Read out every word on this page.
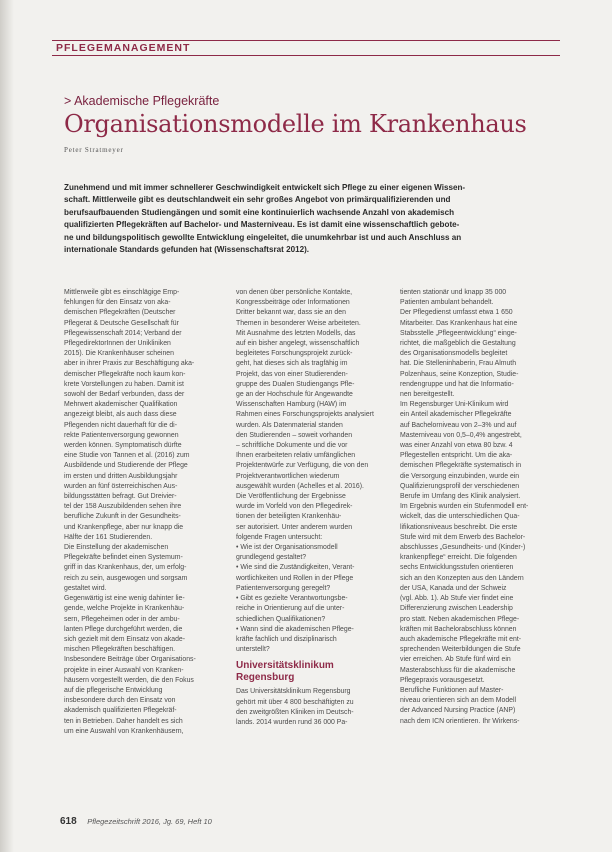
PFLEGEMANAGEMENT
> Akademische Pflegekräfte
Organisationsmodelle im Krankenhaus
Peter Stratmeyer

Zunehmend und mit immer schnellerer Geschwindigkeit entwickelt sich Pflege zu einer eigenen Wissen-

schaft. Mittlerweile gibt es deutschlandweit ein sehr großes Angebot von primärqualifizierenden und

berufsaufbauenden Studiengängen und somit eine kontinuierlich wachsende Anzahl von akademisch

qualifizierten Pflegekräften auf Bachelor- und Masterniveau. Es ist damit eine wissenschaftlich gebote-

ne und bildungspolitisch gewollte Entwicklung eingeleitet, die unumkehrbar ist und auch Anschluss an

internationale Standards gefunden hat (Wissenschaftsrat 2012).

Mittlerweile gibt es einschlägige Emp-

fehlungen für den Einsatz von aka-

demischen Pflegekräften (Deutscher

Pflegerat & Deutsche Gesellschaft für

Pflegewissenschaft 2014; Verband der

PflegedirektorInnen der Unikliniken

2015). Die Krankenhäuser scheinen

aber in ihrer Praxis zur Beschäftigung aka-

demischer Pflegekräfte noch kaum kon-

krete Vorstellungen zu haben. Damit ist

sowohl der Bedarf verbunden, dass der

Mehrwert akademischer Qualifikation

angezeigt bleibt, als auch dass diese

Pflegenden nicht dauerhaft für die di-

rekte Patientenversorgung gewonnen

werden können. Symptomatisch dürfte

eine Studie von Tannen et al. (2016) zum

Ausbildende und Studierende der Pflege

im ersten und dritten Ausbildungsjahr

wurden an fünf österreichischen Aus-

bildungsstätten befragt. Gut Dreivier-

tel der 158 Auszubildenden sehen ihre

berufliche Zukunft in der Gesundheits-

und Krankenpflege, aber nur knapp die

Hälfte der 161 Studierenden.

Die Einstellung der akademischen

Pflegekräfte befindet einen Systemum-

griff in das Krankenhaus, der, um erfolg-

reich zu sein, ausgewogen und sorgsam

gestaltet wird.

Gegenwärtig ist eine wenig dahinter lie-

gende, welche Projekte in Krankenhäu-

sern, Pflegeheimen oder in der ambu-

lanten Pflege durchgeführt werden, die

sich gezielt mit dem Einsatz von akade-

mischen Pflegekräften beschäftigen.

Insbesondere Beiträge über Organisations-

projekte in einer Auswahl von Kranken-

häusern vorgestellt werden, die den Fokus

auf die pflegerische Entwicklung

insbesondere durch den Einsatz von

akademisch qualifizierten Pflegekräf-

ten in Betrieben. Daher handelt es sich

um eine Auswahl von Krankenhäusern,

von denen über persönliche Kontakte,

Kongressbeiträge oder Informationen

Dritter bekannt war, dass sie an den

Themen in besonderer Weise arbeiteten.

Mit Ausnahme des letzten Modells, das

auf ein bisher angelegt, wissenschaftlich

begleitetes Forschungsprojekt zurück-

geht, hat dieses sich als tragfähig im

Projekt, das von einer Studierenden-

gruppe des Dualen Studiengangs Pfle-

ge an der Hochschule für Angewandte

Wissenschaften Hamburg (HAW) im

Rahmen eines Forschungsprojekts analysiert

wurden. Als Datenmaterial standen

den Studierenden – soweit vorhanden

– schriftliche Dokumente und die vor

Ihnen erarbeiteten relativ umfänglichen

Projektentwürfe zur Verfügung, die von den

Projektverantwortlichen wiederum

ausgewählt wurden (Achelles et al. 2016).

Die Veröffentlichung der Ergebnisse

wurde im Vorfeld von den Pflegedirek-

tionen der beteiligten Krankenhäu-

ser autorisiert. Unter anderem wurden

folgende Fragen untersucht:

• Wie ist der Organisationsmodell

grundlegend gestaltet?

• Wie sind die Zuständigkeiten, Verant-

wortlichkeiten und Rollen in der Pflege

Patientenversorgung geregelt?

• Gibt es gezielte Verantwortungsbe-

reiche in Orientierung auf die unter-

schiedlichen Qualifikationen?

• Wann sind die akademischen Pflege-

kräfte fachlich und disziplinarisch

unterstellt?

Universitätsklinikum Regensburg

Das Universitätsklinikum Regensburg

gehört mit über 4 800 beschäftigten zu

den zweitgrößten Kliniken im Deutsch-

lands. 2014 wurden rund 36 000 Pa-

tienten stationär und knapp 35 000

Patienten ambulant behandelt.

Der Pflegedienst umfasst etwa 1 650

Mitarbeiter. Das Krankenhaus hat eine

Stabsstelle „Pflegeentwicklung“ einge-

richtet, die maßgeblich die Gestaltung

des Organisationsmodells begleitet

hat. Die Stelleninhaberin, Frau Almuth

Polzenhaus, seine Konzeption, Studie-

rendengruppe und hat die Informatio-

nen bereitgestellt.

Im Regensburger Uni-Klinikum wird

ein Anteil akademischer Pflegekräfte

auf Bachelorniveau von 2–3% und auf

Masterniveau von 0,5–0,4% angestrebt,

was einer Anzahl von etwa 80 bzw. 4

Pflegestellen entspricht. Um die aka-

demischen Pflegekräfte systematisch in

die Versorgung einzubinden, wurde ein

Qualifizierungsprofil der verschiedenen

Berufe im Umfang des Klinik analysiert.

Im Ergebnis wurden ein Stufenmodell ent-

wickelt, das die unterschiedlichen Qua-

lifikationsniveaus beschreibt. Die erste

Stufe wird mit dem Erwerb des Bachelor-

abschlusses „Gesundheits- und (Kinder-)

krankenpflege“ erreicht. Die folgenden

sechs Entwicklungsstufen orientieren

sich an den Konzepten aus den Ländern

der USA, Kanada und der Schweiz

(vgl. Abb. 1). Ab Stufe vier findet eine

Differenzierung zwischen Leadership

pro statt. Neben akademischen Pflege-

kräften mit Bachelorabschluss können

auch akademische Pflegekräfte mit ent-

sprechenden Weiterbildungen die Stufe

vier erreichen. Ab Stufe fünf wird ein

Masterabschluss für die akademische

Pflegepraxis vorausgesetzt.

Berufliche Funktionen auf Master-

niveau orientieren sich an dem Modell

der Advanced Nursing Practice (ANP)

nach dem ICN orientieren. Ihr Wirkens-

618 Pflegezeitschrift 2016, Jg. 69, Heft 10
